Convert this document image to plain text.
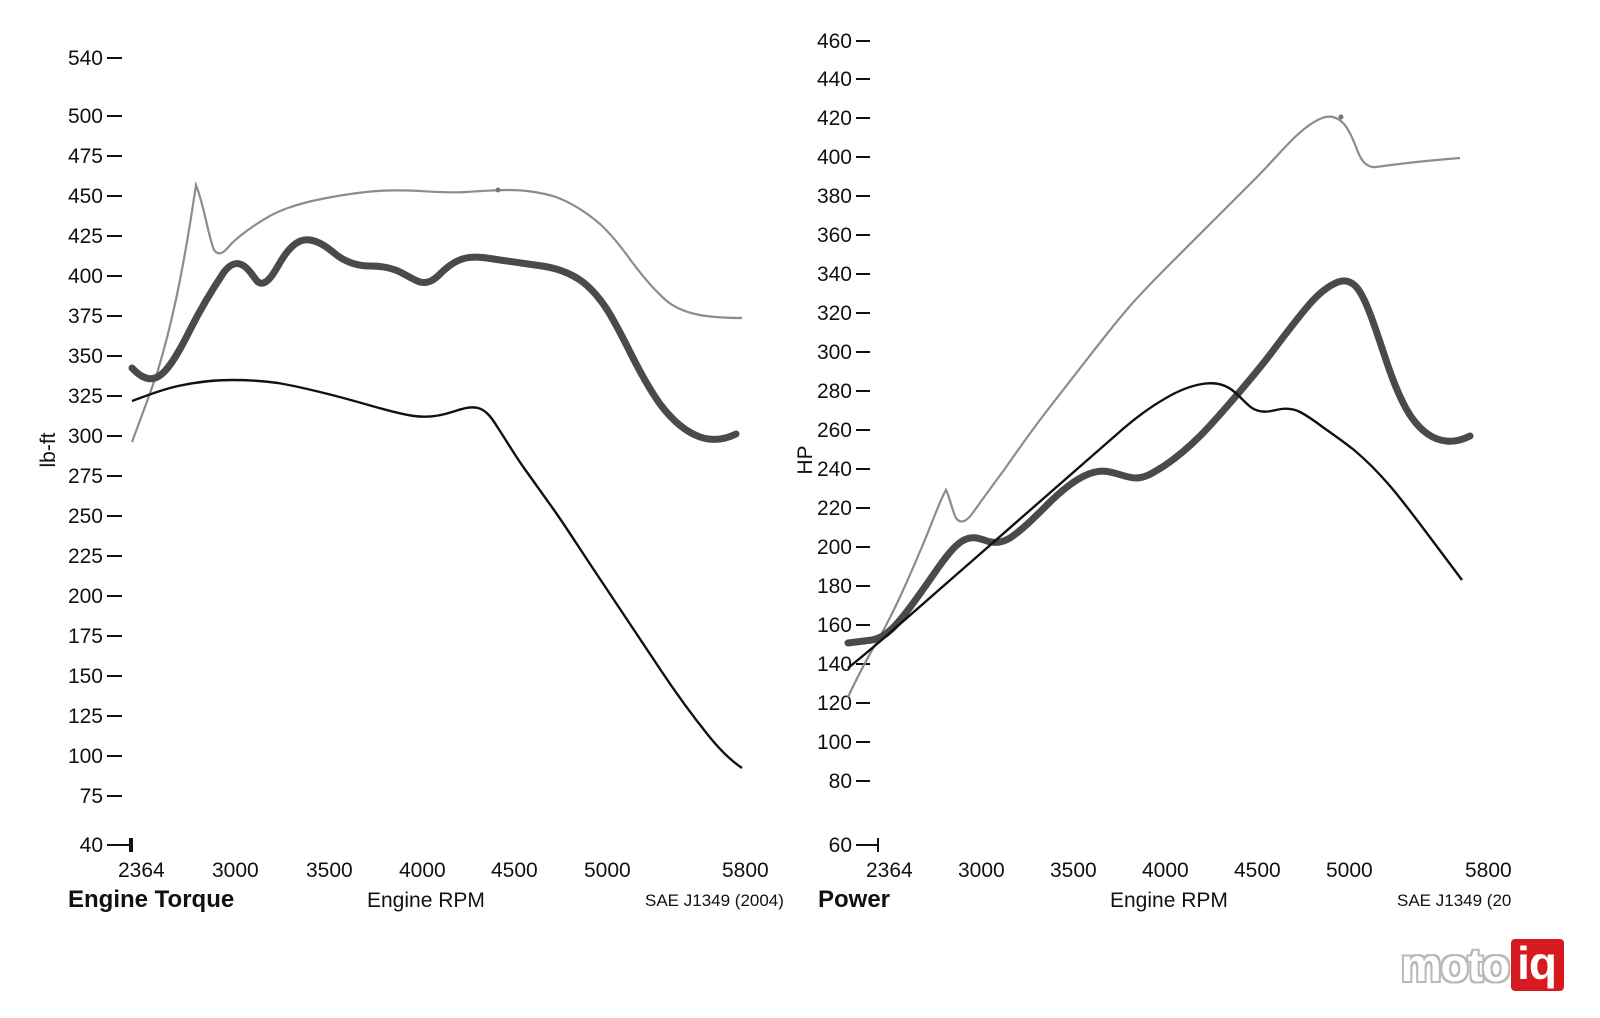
540
500
475
450
425
400
375
350
325
300
275
250
225
200
175
150
125
100
75
40
lb-ft
2364 3000 3500 4000 4500 5000	5800
Engine Torque	Engine RPM	SAE J1349 (2004)
460
440
420
400
380
360
340
320
300
280
260
240
220
200
180
160
140
120
100
80
60
HP
2364 3000 3500 4000 4500 5000	5800
Power	Engine RPM	SAE J1349 (20
moto iq
